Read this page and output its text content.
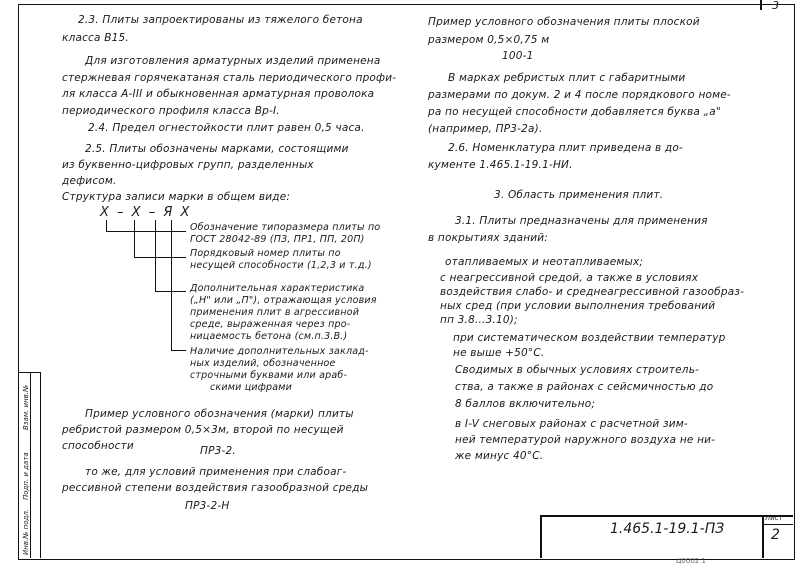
3
Инв.№ подл.
Подп. и дата
Взам. инв.№
2.3. Плиты запроектированы из тяжелого бетона
класса В15.
Для изготовления арматурных изделий применена
стержневая горячекатаная сталь периодического профи-
ля класса А-III и обыкновенная арматурная проволока
периодического профиля класса Вр-I.
2.4. Предел огнестойкости плит равен 0,5 часа.
2.5. Плиты обозначены марками, состоящими
из буквенно-цифровых групп, разделенных
дефисом.
Структура записи марки в общем виде:
Х – Х – Я Х
Обозначение типоразмера плиты по
ГОСТ 28042-89 (ПЗ, ПР1, ПП, 20П)
Порядковый номер плиты по
несущей способности (1,2,3 и т.д.)
Дополнительная характеристика
(„Н" или „П"), отражающая условия
применения плит в агрессивной
среде, выраженная через про-
ницаемость бетона (см.п.3.В.)
Наличие дополнительных заклад-
ных изделий, обозначенное
строчными буквами или араб-
скими цифрами
Пример условного обозначения (марки) плиты
ребристой размером 0,5×3м, второй по несущей
способности	ПР3-2.
то же, для условий применения при слабоаг-
рессивной степени воздействия газообразной среды
ПР3-2-Н
Пример условного обозначения плиты плоской
размером 0,5×0,75 м
100-1
В марках ребристых плит с габаритными
размерами по докум. 2 и 4 после порядкового номе-
ра по несущей способности добавляется буква „а"
(например, ПР3-2а).
2.6. Номенклатура плит приведена в до-
кументе 1.465.1-19.1-НИ.
3. Область применения плит.
3.1. Плиты предназначены для применения
в покрытиях зданий:
отапливаемых и неотапливаемых;
с неагрессивной средой, а также в условиях
воздействия слабо- и среднеагрессивной газообраз-
ных сред (при условии выполнения требований
пп 3.8...3.10);
при систематическом воздействии температур
не выше +50°С.
Сводимых в обычных условиях строитель-
ства, а также в районах с сейсмичностью до
8 баллов включительно;
в I-V снеговых районах с расчетной зим-
ней температурой наружного воздуха не ни-
же минус 40°С.
1.465.1-19.1-ПЗ
Лист
2
Ц0002 1
